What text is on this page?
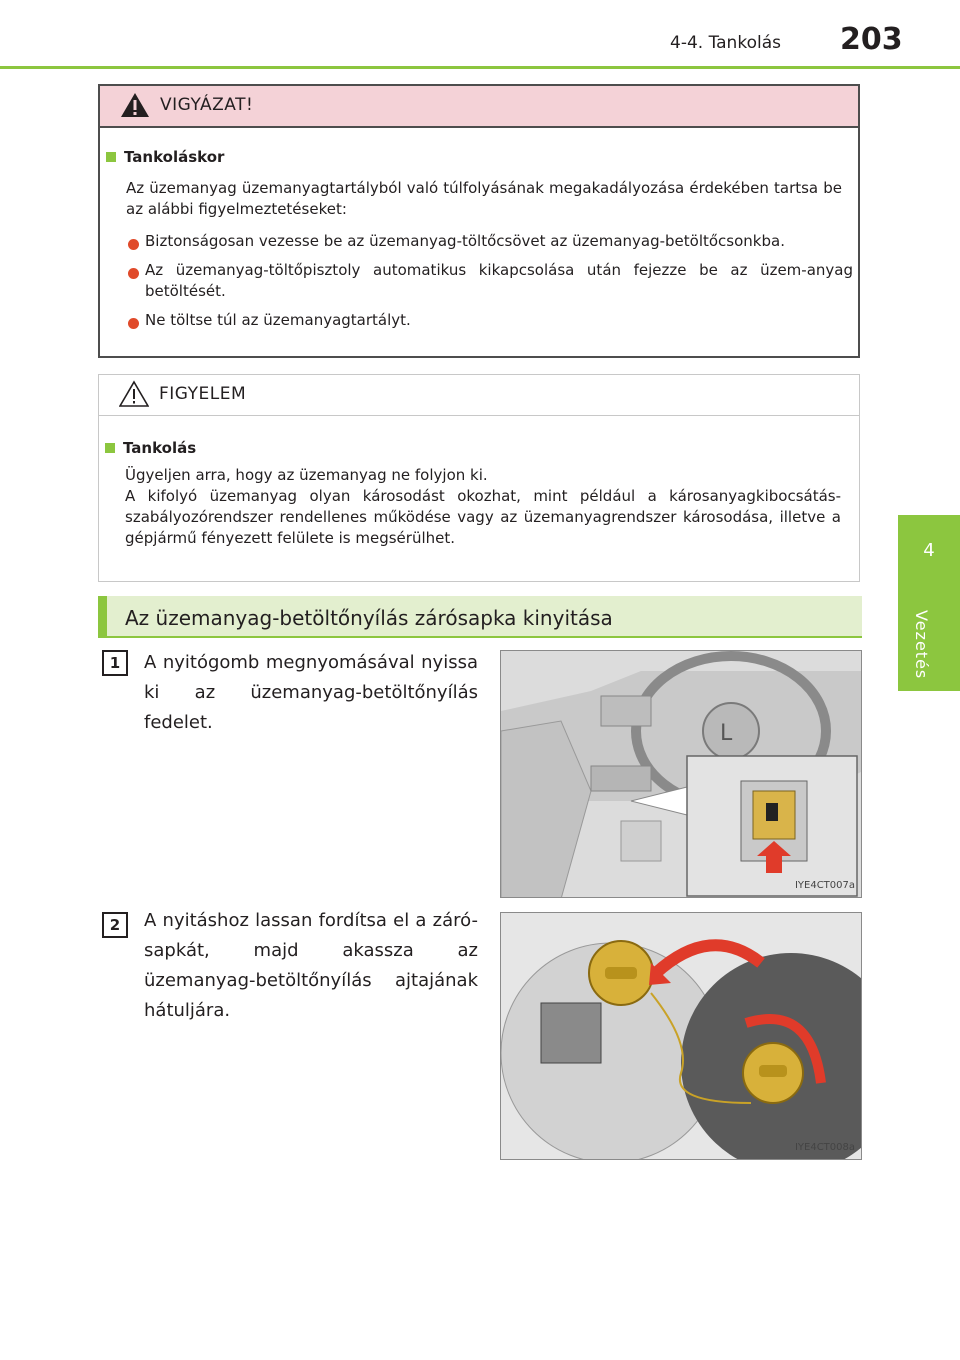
4-4. Tankolás 203
4
Vezetés
VIGYÁZAT!
Tankoláskor
Az üzemanyag üzemanyagtartályból való túlfolyásának megakadályozása érdekében tartsa be az alábbi figyelmeztetéseket:
Biztonságosan vezesse be az üzemanyag-töltőcsövet az üzemanyag-betöltőcsonkba.
Az üzemanyag-töltőpisztoly automatikus kikapcsolása után fejezze be az üzem-anyag betöltését.
Ne töltse túl az üzemanyagtartályt.
FIGYELEM
Tankolás
Ügyeljen arra, hogy az üzemanyag ne folyjon ki.
A kifolyó üzemanyag olyan károsodást okozhat, mint például a károsanyagkibocsátás-szabályozórendszer rendellenes működése vagy az üzemanyagrendszer károsodása, illetve a gépjármű fényezett felülete is megsérülhet.
Az üzemanyag-betöltőnyílás zárósapka kinyitása
1	A nyitógomb megnyomásával nyissa ki az üzemanyag-betöltőnyílás fedelet.	L
IYE4CT007a
2	A nyitáshoz lassan fordítsa el a záró-sapkát, majd akassza az üzemanyag-betöltőnyílás ajtajának hátuljára.
IYE4CT008a
